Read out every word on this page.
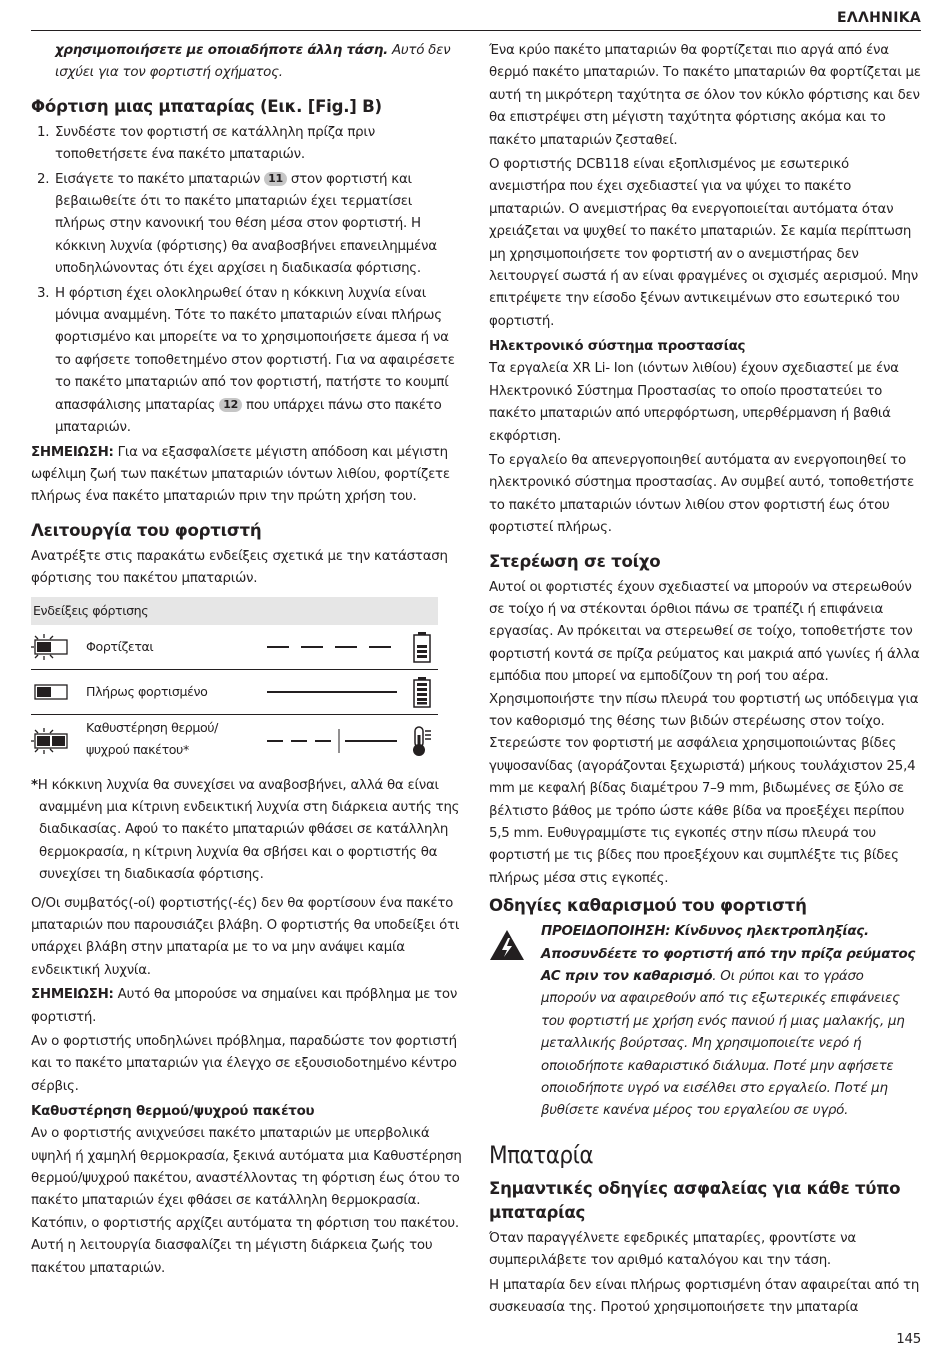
ΕΛΛΗΝΙΚΑ

χρησιμοποιήσετε με οποιαδήποτε άλλη τάση. Αυτό δεν ισχύει για τον φορτιστή οχήματος.

Φόρτιση μιας μπαταρίας (Εικ. [Fig.] B)
1. Συνδέστε τον φορτιστή σε κατάλληλη πρίζα πριν τοποθετήσετε ένα πακέτο μπαταριών.
2. Εισάγετε το πακέτο μπαταριών 11 στον φορτιστή και βεβαιωθείτε ότι το πακέτο μπαταριών έχει τερματίσει πλήρως στην κανονική του θέση μέσα στον φορτιστή. Η κόκκινη λυχνία (φόρτισης) θα αναβοσβήνει επανειλημμένα υποδηλώνοντας ότι έχει αρχίσει η διαδικασία φόρτισης.
3. Η φόρτιση έχει ολοκληρωθεί όταν η κόκκινη λυχνία είναι μόνιμα αναμμένη. Τότε το πακέτο μπαταριών είναι πλήρως φορτισμένο και μπορείτε να το χρησιμοποιήσετε άμεσα ή να το αφήσετε τοποθετημένο στον φορτιστή. Για να αφαιρέσετε το πακέτο μπαταριών από τον φορτιστή, πατήστε το κουμπί απασφάλισης μπαταρίας 12 που υπάρχει πάνω στο πακέτο μπαταριών.

ΣΗΜΕΙΩΣΗ: Για να εξασφαλίσετε μέγιστη απόδοση και μέγιστη ωφέλιμη ζωή των πακέτων μπαταριών ιόντων λιθίου, φορτίζετε πλήρως ένα πακέτο μπαταριών πριν την πρώτη χρήση του.

Λειτουργία του φορτιστή

Ανατρέξτε στις παρακάτω ενδείξεις σχετικά με την κατάσταση φόρτισης του πακέτου μπαταριών.

Ενδείξεις φόρτισης
Φορτίζεται
Πλήρως φορτισμένο
Καθυστέρηση θερμού/ψυχρού πακέτου*

*Η κόκκινη λυχνία θα συνεχίσει να αναβοσβήνει, αλλά θα είναι αναμμένη μια κίτρινη ενδεικτική λυχνία στη διάρκεια αυτής της διαδικασίας. Αφού το πακέτο μπαταριών φθάσει σε κατάλληλη θερμοκρασία, η κίτρινη λυχνία θα σβήσει και ο φορτιστής θα συνεχίσει τη διαδικασία φόρτισης.

Ο/Οι συμβατός(-οί) φορτιστής(-ές) δεν θα φορτίσουν ένα πακέτο μπαταριών που παρουσιάζει βλάβη. Ο φορτιστής θα υποδείξει ότι υπάρχει βλάβη στην μπαταρία με το να μην ανάψει καμία ενδεικτική λυχνία.

ΣΗΜΕΙΩΣΗ: Αυτό θα μπορούσε να σημαίνει και πρόβλημα με τον φορτιστή.

Αν ο φορτιστής υποδηλώνει πρόβλημα, παραδώστε τον φορτιστή και το πακέτο μπαταριών για έλεγχο σε εξουσιοδοτημένο κέντρο σέρβις.

Καθυστέρηση θερμού/ψυχρού πακέτου

Αν ο φορτιστής ανιχνεύσει πακέτο μπαταριών με υπερβολικά υψηλή ή χαμηλή θερμοκρασία, ξεκινά αυτόματα μια Καθυστέρηση θερμού/ψυχρού πακέτου, αναστέλλοντας τη φόρτιση έως ότου το πακέτο μπαταριών έχει φθάσει σε κατάλληλη θερμοκρασία. Κατόπιν, ο φορτιστής αρχίζει αυτόματα τη φόρτιση του πακέτου. Αυτή η λειτουργία διασφαλίζει τη μέγιστη διάρκεια ζωής του πακέτου μπαταριών.

Ένα κρύο πακέτο μπαταριών θα φορτίζεται πιο αργά από ένα θερμό πακέτο μπαταριών. Το πακέτο μπαταριών θα φορτίζεται με αυτή τη μικρότερη ταχύτητα σε όλον τον κύκλο φόρτισης και δεν θα επιστρέψει στη μέγιστη ταχύτητα φόρτισης ακόμα και το πακέτο μπαταριών ζεσταθεί.

Ο φορτιστής DCB118 είναι εξοπλισμένος με εσωτερικό ανεμιστήρα που έχει σχεδιαστεί για να ψύχει το πακέτο μπαταριών. Ο ανεμιστήρας θα ενεργοποιείται αυτόματα όταν χρειάζεται να ψυχθεί το πακέτο μπαταριών. Σε καμία περίπτωση μη χρησιμοποιήσετε τον φορτιστή αν ο ανεμιστήρας δεν λειτουργεί σωστά ή αν είναι φραγμένες οι σχισμές αερισμού. Μην επιτρέψετε την είσοδο ξένων αντικειμένων στο εσωτερικό του φορτιστή.

Ηλεκτρονικό σύστημα προστασίας

Τα εργαλεία XR Li- Ion (ιόντων λιθίου) έχουν σχεδιαστεί με ένα Ηλεκτρονικό Σύστημα Προστασίας το οποίο προστατεύει το πακέτο μπαταριών από υπερφόρτωση, υπερθέρμανση ή βαθιά εκφόρτιση.

Το εργαλείο θα απενεργοποιηθεί αυτόματα αν ενεργοποιηθεί το ηλεκτρονικό σύστημα προστασίας. Αν συμβεί αυτό, τοποθετήστε το πακέτο μπαταριών ιόντων λιθίου στον φορτιστή έως ότου φορτιστεί πλήρως.

Στερέωση σε τοίχο

Αυτοί οι φορτιστές έχουν σχεδιαστεί να μπορούν να στερεωθούν σε τοίχο ή να στέκονται όρθιοι πάνω σε τραπέζι ή επιφάνεια εργασίας. Αν πρόκειται να στερεωθεί σε τοίχο, τοποθετήστε τον φορτιστή κοντά σε πρίζα ρεύματος και μακριά από γωνίες ή άλλα εμπόδια που μπορεί να εμποδίζουν τη ροή του αέρα. Χρησιμοποιήστε την πίσω πλευρά του φορτιστή ως υπόδειγμα για τον καθορισμό της θέσης των βιδών στερέωσης στον τοίχο. Στερεώστε τον φορτιστή με ασφάλεια χρησιμοποιώντας βίδες γυψοσανίδας (αγοράζονται ξεχωριστά) μήκους τουλάχιστον 25,4 mm με κεφαλή βίδας διαμέτρου 7–9 mm, βιδωμένες σε ξύλο σε βέλτιστο βάθος με τρόπο ώστε κάθε βίδα να προεξέχει περίπου 5,5 mm. Ευθυγραμμίστε τις εγκοπές στην πίσω πλευρά του φορτιστή με τις βίδες που προεξέχουν και συμπλέξτε τις βίδες πλήρως μέσα στις εγκοπές.

Οδηγίες καθαρισμού του φορτιστή

ΠΡΟΕΙΔΟΠΟΙΗΣΗ: Κίνδυνος ηλεκτροπληξίας. Αποσυνδέετε το φορτιστή από την πρίζα ρεύματος AC πριν τον καθαρισμό. Οι ρύποι και το γράσο μπορούν να αφαιρεθούν από τις εξωτερικές επιφάνειες του φορτιστή με χρήση ενός πανιού ή μιας μαλακής, μη μεταλλικής βούρτσας. Μη χρησιμοποιείτε νερό ή οποιοδήποτε καθαριστικό διάλυμα. Ποτέ μην αφήσετε οποιοδήποτε υγρό να εισέλθει στο εργαλείο. Ποτέ μη βυθίσετε κανένα μέρος του εργαλείου σε υγρό.

Μπαταρία
Σημαντικές οδηγίες ασφαλείας για κάθε τύπο μπαταρίας

Όταν παραγγέλνετε εφεδρικές μπαταρίες, φροντίστε να συμπεριλάβετε τον αριθμό καταλόγου και την τάση.

Η μπαταρία δεν είναι πλήρως φορτισμένη όταν αφαιρείται από τη συσκευασία της. Προτού χρησιμοποιήσετε την μπαταρία

145
